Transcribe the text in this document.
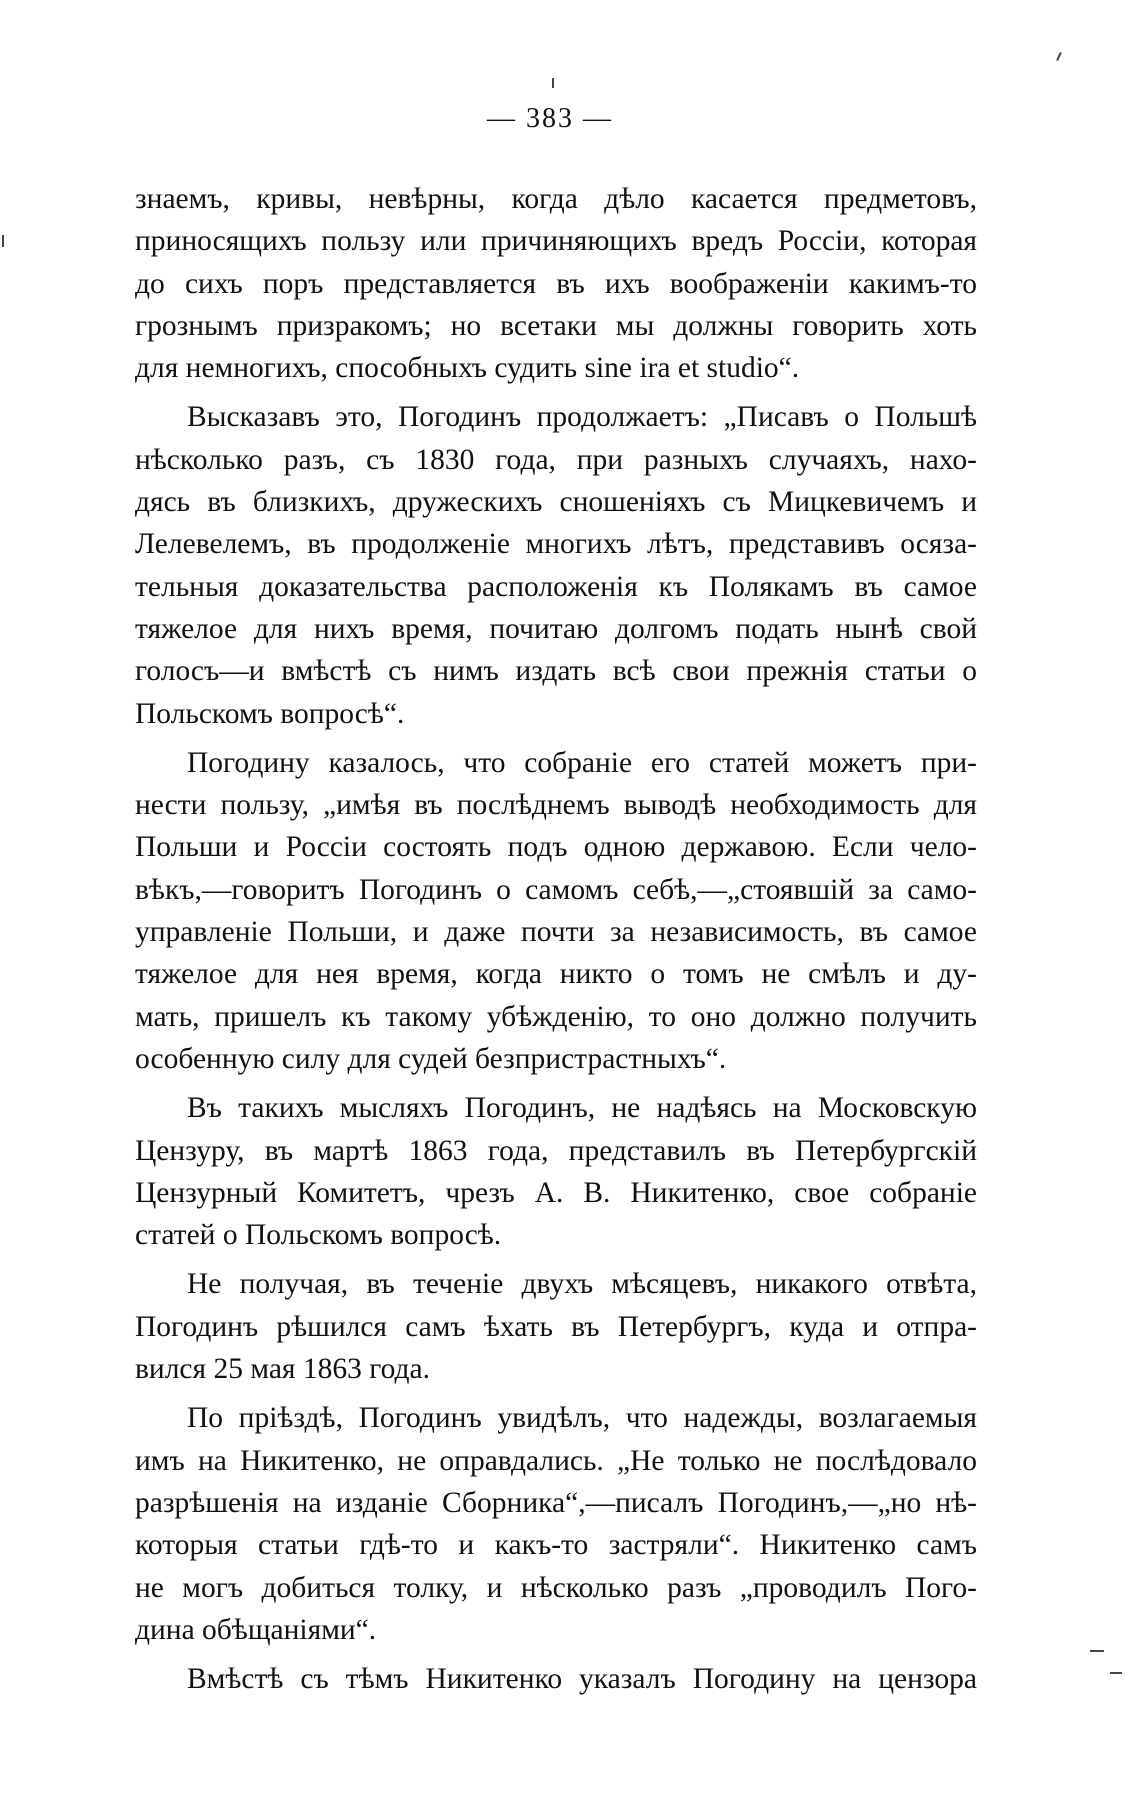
— 383 —
знаемъ, кривы, невѣрны, когда дѣло касается предметовъ,
приносящихъ пользу или причиняющихъ вредъ Россіи, которая
до сихъ поръ представляется въ ихъ воображеніи какимъ-то
грознымъ призракомъ; но всетаки мы должны говорить хоть
для немногихъ, способныхъ судить sine ira et studio“.
Высказавъ это, Погодинъ продолжаетъ: „Писавъ о Польшѣ
нѣсколько разъ, съ 1830 года, при разныхъ случаяхъ, нахо-
дясь въ близкихъ, дружескихъ сношеніяхъ съ Мицкевичемъ и
Лелевелемъ, въ продолженіе многихъ лѣтъ, представивъ осяза-
тельныя доказательства расположенія къ Полякамъ въ самое
тяжелое для нихъ время, почитаю долгомъ подать нынѣ свой
голосъ—и вмѣстѣ съ нимъ издать всѣ свои прежнія статьи о
Польскомъ вопросѣ“.
Погодину казалось, что собраніе его статей можетъ при-
нести пользу, „имѣя въ послѣднемъ выводѣ необходимость для
Польши и Россіи состоять подъ одною державою. Если чело-
вѣкъ,—говоритъ Погодинъ о самомъ себѣ,—„стоявшій за само-
управленіе Польши, и даже почти за независимость, въ самое
тяжелое для нея время, когда никто о томъ не смѣлъ и ду-
мать, пришелъ къ такому убѣжденію, то оно должно получить
особенную силу для судей безпристрастныхъ“.
Въ такихъ мысляхъ Погодинъ, не надѣясь на Московскую
Цензуру, въ мартѣ 1863 года, представилъ въ Петербургскій
Цензурный Комитетъ, чрезъ А. В. Никитенко, свое собраніе
статей о Польскомъ вопросѣ.
Не получая, въ теченіе двухъ мѣсяцевъ, никакого отвѣта,
Погодинъ рѣшился самъ ѣхать въ Петербургъ, куда и отпра-
вился 25 мая 1863 года.
По пріѣздѣ, Погодинъ увидѣлъ, что надежды, возлагаемыя
имъ на Никитенко, не оправдались. „Не только не послѣдовало
разрѣшенія на изданіе Сборника“,—писалъ Погодинъ,—„но нѣ-
которыя статьи гдѣ-то и какъ-то застряли“. Никитенко самъ
не могъ добиться толку, и нѣсколько разъ „проводилъ Пого-
дина обѣщаніями“.
Вмѣстѣ съ тѣмъ Никитенко указалъ Погодину на цензора
